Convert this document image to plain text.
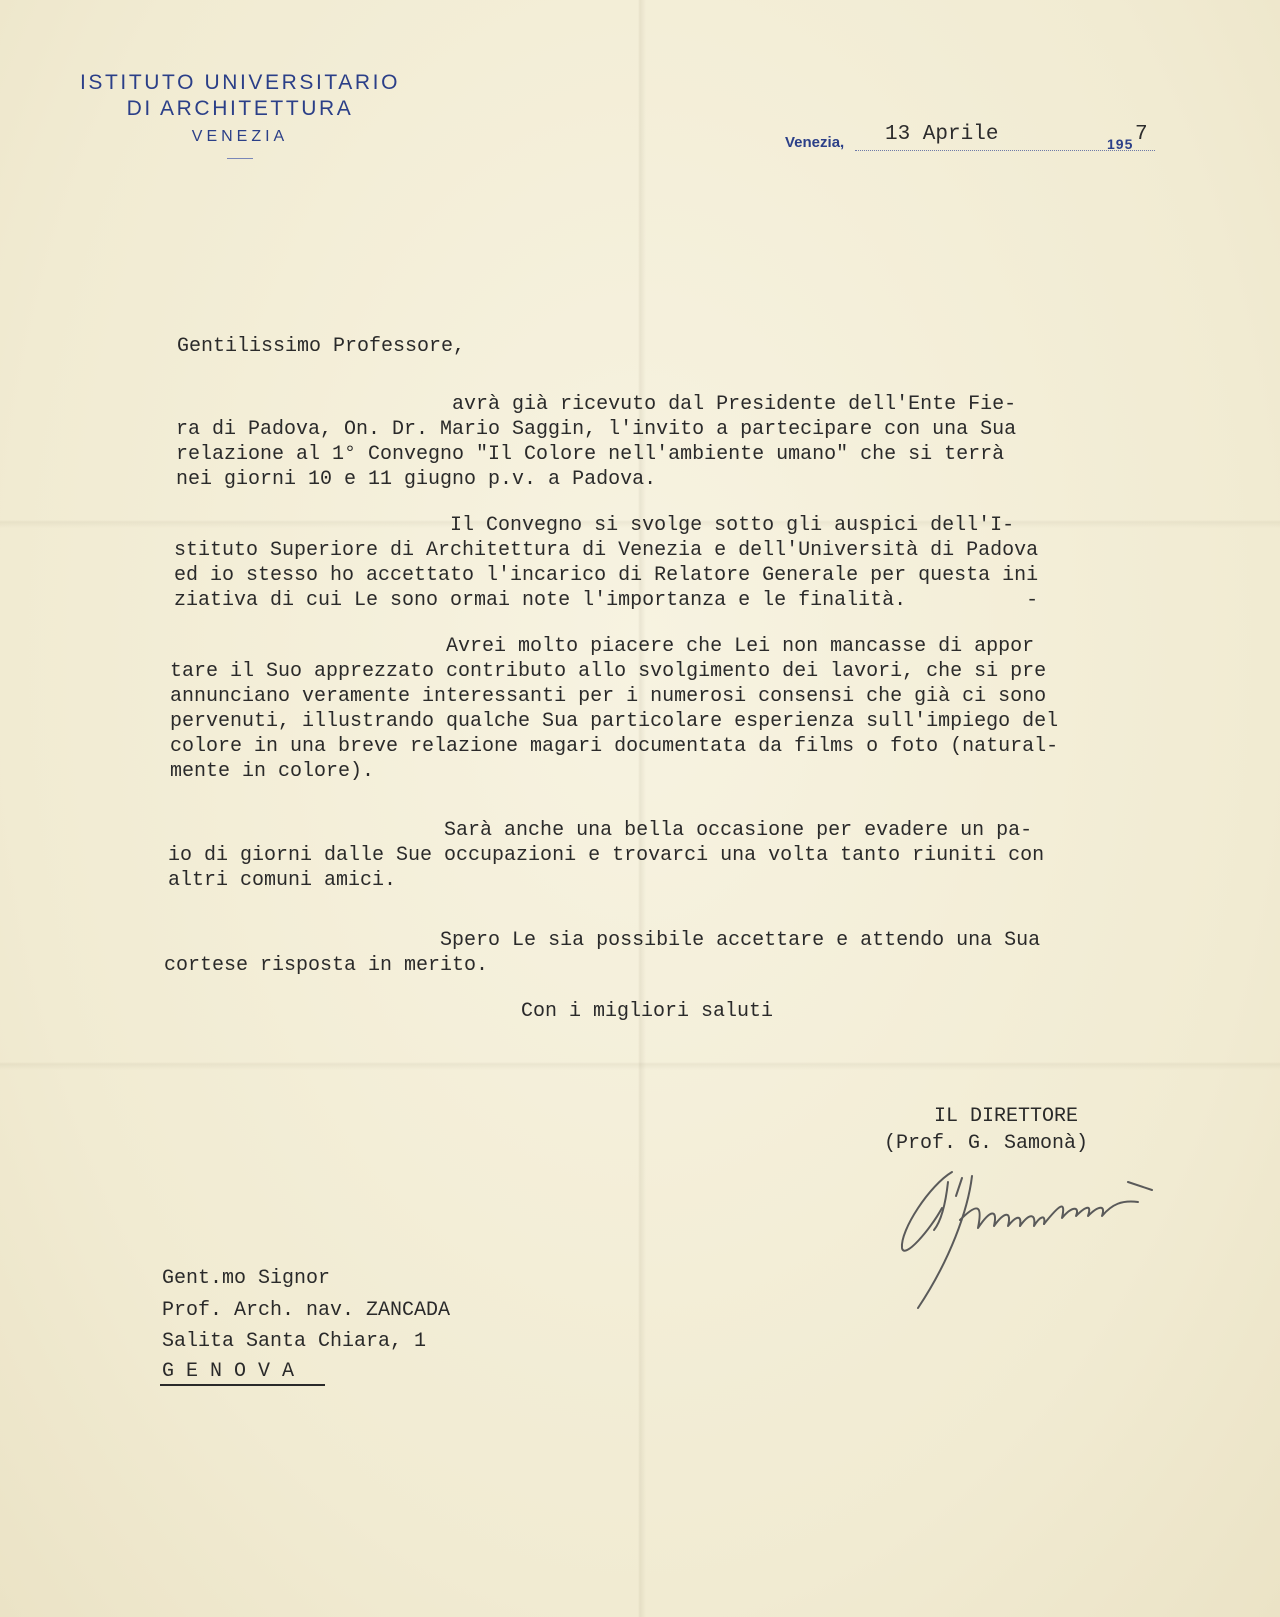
ISTITUTO UNIVERSITARIO
DI ARCHITETTURA
VENEZIA	Venezia, 13 Aprile	195 7
Gentilissimo Professore,
avrà già ricevuto dal Presidente dell'Ente Fie-
ra di Padova, On. Dr. Mario Saggin, l'invito a partecipare con una Sua
relazione al 1° Convegno "Il Colore nell'ambiente umano" che si terrà
nei giorni 10 e 11 giugno p.v. a Padova.
Il Convegno si svolge sotto gli auspici dell'I-
stituto Superiore di Architettura di Venezia e dell'Università di Padova
ed io stesso ho accettato l'incarico di Relatore Generale per questa ini
ziativa di cui Le sono ormai note l'importanza e le finalità.          -
Avrei molto piacere che Lei non mancasse di appor
tare il Suo apprezzato contributo allo svolgimento dei lavori, che si pre
annunciano veramente interessanti per i numerosi consensi che già ci sono
pervenuti, illustrando qualche Sua particolare esperienza sull'impiego del
colore in una breve relazione magari documentata da films o foto (natural-
mente in colore).
Sarà anche una bella occasione per evadere un pa-
io di giorni dalle Sue occupazioni e trovarci una volta tanto riuniti con
altri comuni amici.
Spero Le sia possibile accettare e attendo una Sua
cortese risposta in merito.
Con i migliori saluti
IL DIRETTORE
(Prof. G. Samonà)
Gent.mo Signor
Prof. Arch. nav. ZANCADA
Salita Santa Chiara, 1
G E N O V A
